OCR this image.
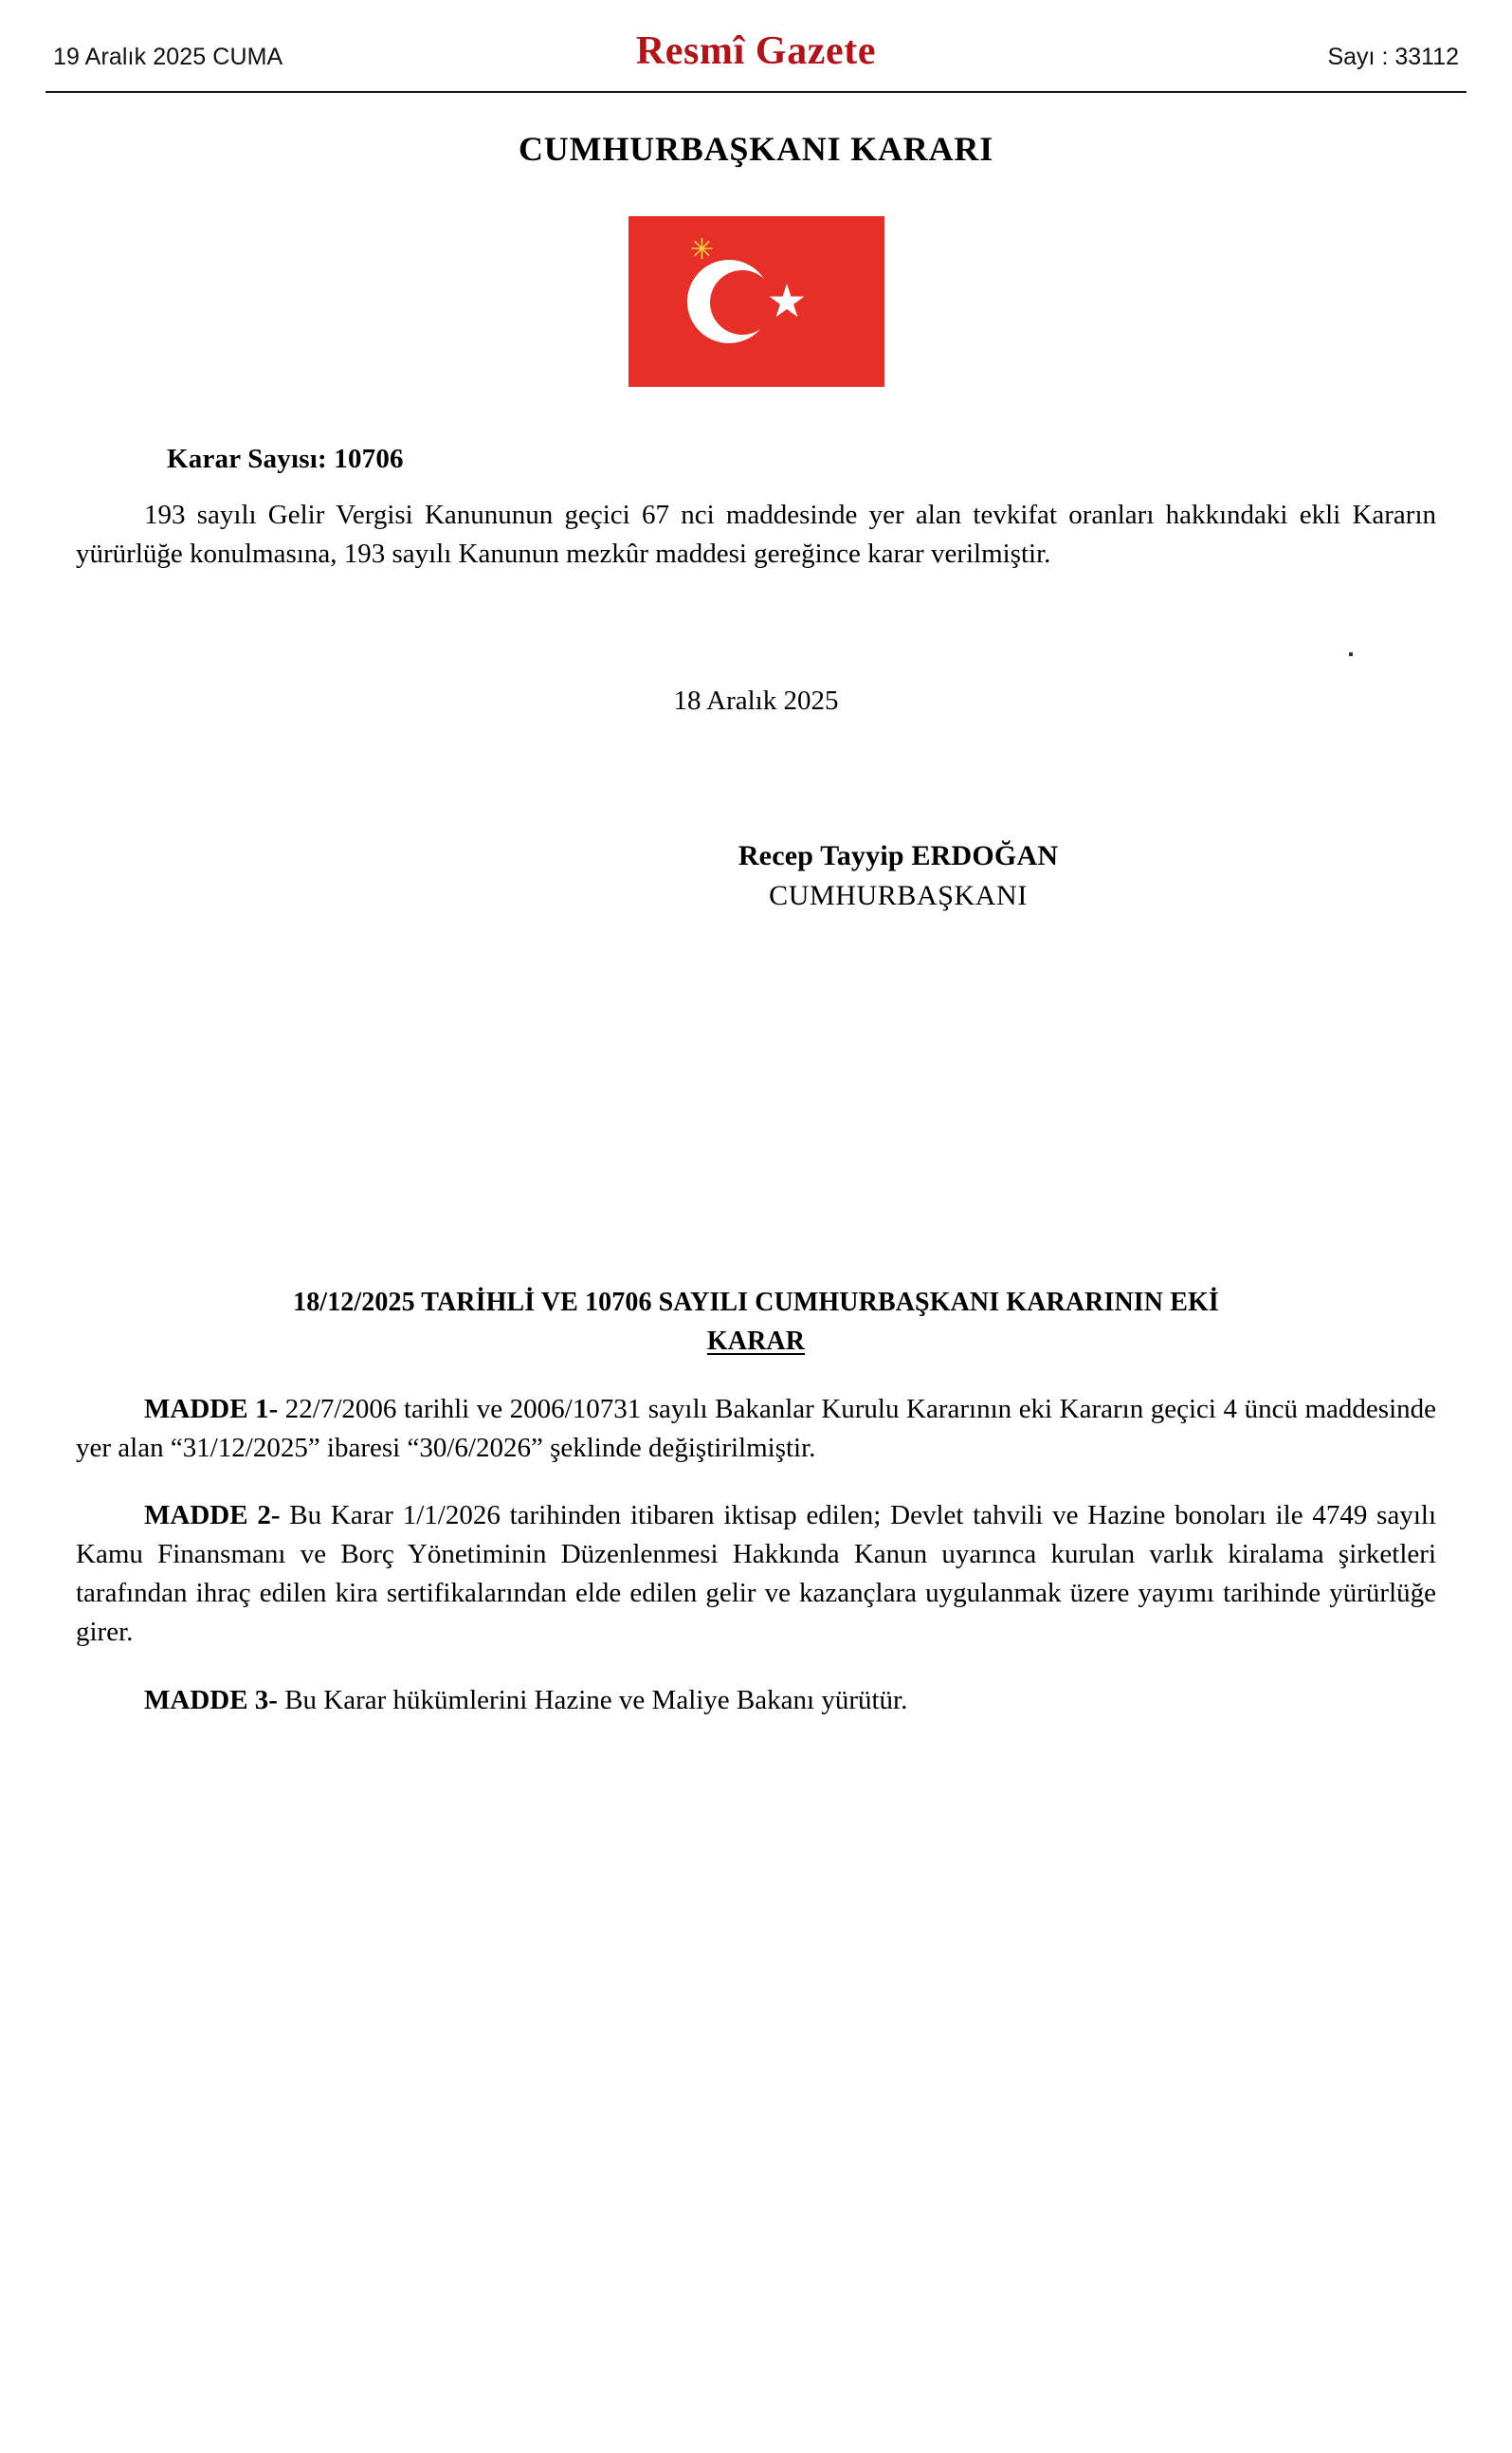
19 Aralık 2025 CUMA	Resmî Gazete	Sayı : 33112
CUMHURBAŞKANI KARARI
✳
★
Karar Sayısı: 10706
193 sayılı Gelir Vergisi Kanununun geçici 67 nci maddesinde yer alan tevkifat oranları hakkındaki ekli Kararın yürürlüğe konulmasına, 193 sayılı Kanunun mezkûr maddesi gereğince karar verilmiştir.
18 Aralık 2025
Recep Tayyip ERDOĞAN
CUMHURBAŞKANI
18/12/2025 TARİHLİ VE 10706 SAYILI CUMHURBAŞKANI KARARININ EKİ
KARAR
MADDE 1- 22/7/2006 tarihli ve 2006/10731 sayılı Bakanlar Kurulu Kararının eki Kararın geçici 4 üncü maddesinde yer alan “31/12/2025” ibaresi “30/6/2026” şeklinde değiştirilmiştir.
MADDE 2- Bu Karar 1/1/2026 tarihinden itibaren iktisap edilen; Devlet tahvili ve Hazine bonoları ile 4749 sayılı Kamu Finansmanı ve Borç Yönetiminin Düzenlenmesi Hakkında Kanun uyarınca kurulan varlık kiralama şirketleri tarafından ihraç edilen kira sertifikalarından elde edilen gelir ve kazançlara uygulanmak üzere yayımı tarihinde yürürlüğe girer.
MADDE 3- Bu Karar hükümlerini Hazine ve Maliye Bakanı yürütür.
